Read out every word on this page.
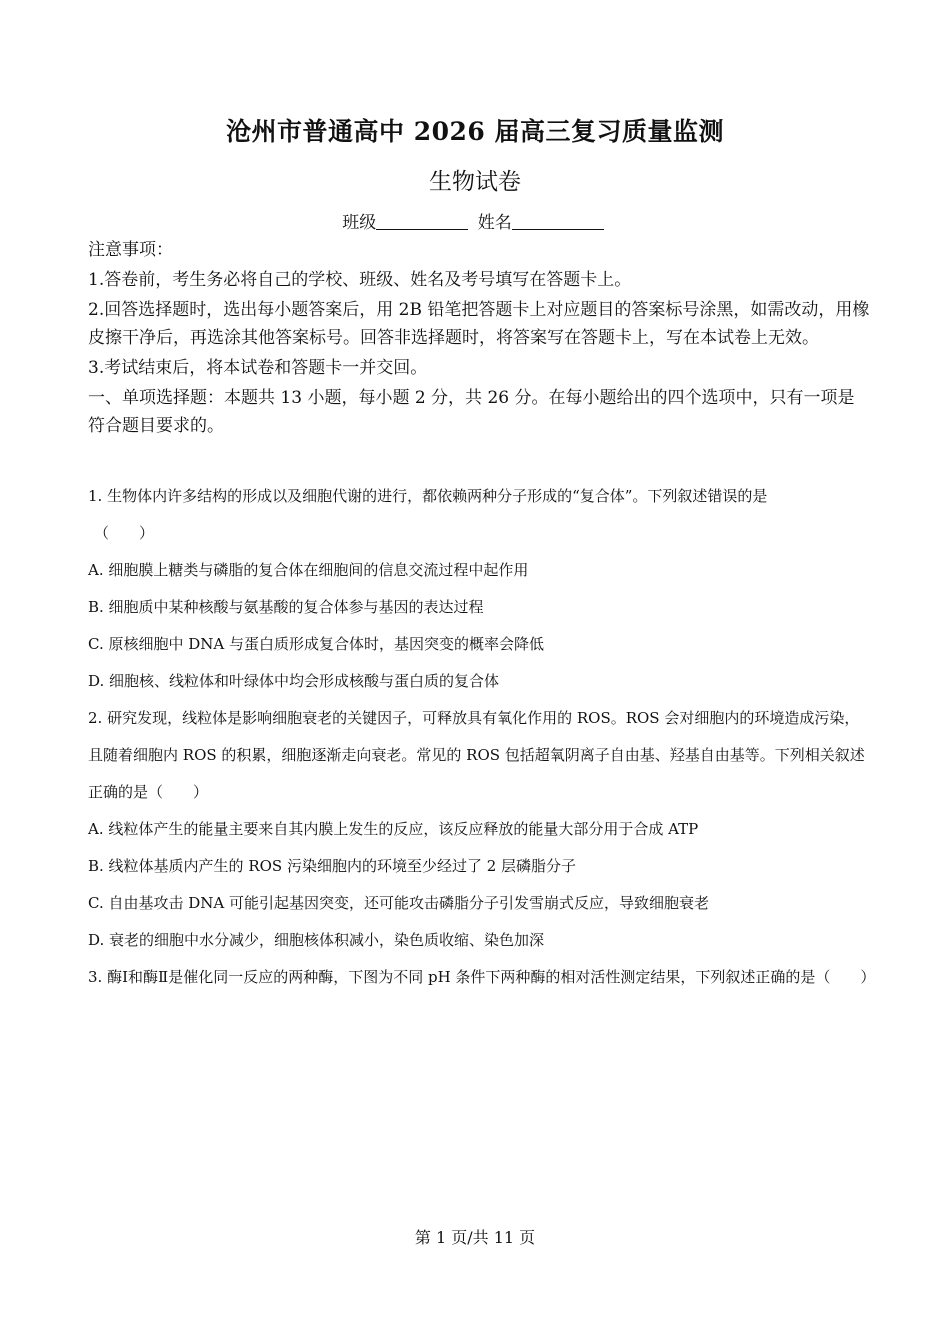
沧州市普通高中 2026 届高三复习质量监测
生物试卷
班级	姓名

注意事项：

1.答卷前，考生务必将自己的学校、班级、姓名及考号填写在答题卡上。

2.回答选择题时，选出每小题答案后，用 2B 铅笔把答题卡上对应题目的答案标号涂黑，如需改动，用橡皮擦干净后，再选涂其他答案标号。回答非选择题时，将答案写在答题卡上，写在本试卷上无效。

3.考试结束后，将本试卷和答题卡一并交回。

一、单项选择题：本题共 13 小题，每小题 2 分，共 26 分。在每小题给出的四个选项中，只有一项是符合题目要求的。

1. 生物体内许多结构的形成以及细胞代谢的进行，都依赖两种分子形成的“复合体”。下列叙述错误的是

（　　）

A. 细胞膜上糖类与磷脂的复合体在细胞间的信息交流过程中起作用

B. 细胞质中某种核酸与氨基酸的复合体参与基因的表达过程

C. 原核细胞中 DNA 与蛋白质形成复合体时，基因突变的概率会降低

D. 细胞核、线粒体和叶绿体中均会形成核酸与蛋白质的复合体

2. 研究发现，线粒体是影响细胞衰老的关键因子，可释放具有氧化作用的 ROS。ROS 会对细胞内的环境造成污染，且随着细胞内 ROS 的积累，细胞逐渐走向衰老。常见的 ROS 包括超氧阴离子自由基、羟基自由基等。下列相关叙述正确的是（　　）

A. 线粒体产生的能量主要来自其内膜上发生的反应，该反应释放的能量大部分用于合成 ATP

B. 线粒体基质内产生的 ROS 污染细胞内的环境至少经过了 2 层磷脂分子

C. 自由基攻击 DNA 可能引起基因突变，还可能攻击磷脂分子引发雪崩式反应，导致细胞衰老

D. 衰老的细胞中水分减少，细胞核体积减小，染色质收缩、染色加深

3. 酶Ⅰ和酶Ⅱ是催化同一反应的两种酶，下图为不同 pH 条件下两种酶的相对活性测定结果，下列叙述正确的是（　　）

第 1 页/共 11 页
